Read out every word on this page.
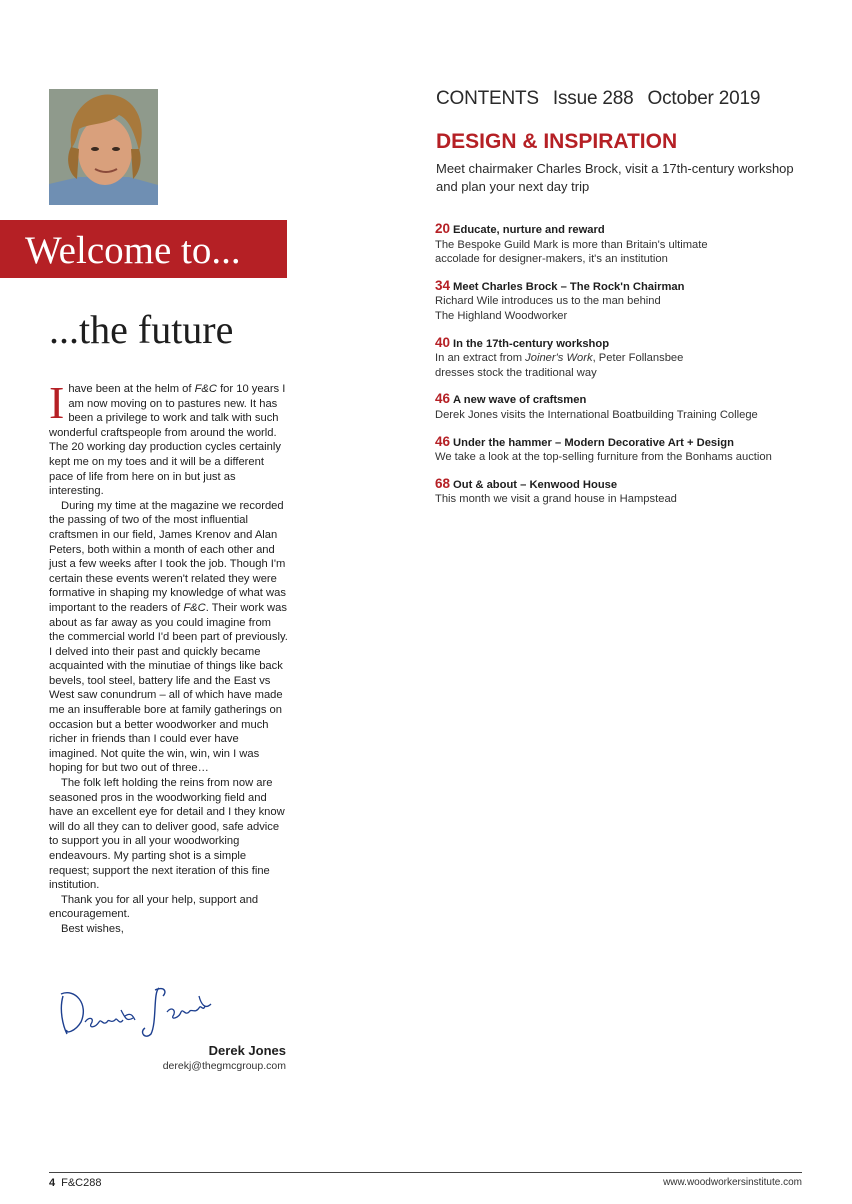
Welcome to...
...the future

Ihave been at the helm of F&C for 10 years I am now moving on to pastures new. It has been a privilege to work and talk with such wonderful craftspeople from around the world. The 20 working day production cycles certainly kept me on my toes and it will be a different pace of life from here on in but just as interesting.

During my time at the magazine we recorded the passing of two of the most influential craftsmen in our field, James Krenov and Alan Peters, both within a month of each other and just a few weeks after I took the job. Though I'm certain these events weren't related they were formative in shaping my knowledge of what was important to the readers of F&C. Their work was about as far away as you could imagine from the commercial world I'd been part of previously. I delved into their past and quickly became acquainted with the minutiae of things like back bevels, tool steel, battery life and the East vs West saw conundrum – all of which have made me an insufferable bore at family gatherings on occasion but a better woodworker and much richer in friends than I could ever have imagined. Not quite the win, win, win I was hoping for but two out of three…

The folk left holding the reins from now are seasoned pros in the woodworking field and have an excellent eye for detail and I they know will do all they can to deliver good, safe advice to support you in all your woodworking endeavours. My parting shot is a simple request; support the next iteration of this fine institution.

Thank you for all your help, support and encouragement.

Best wishes,

Derek Jones
derekj@thegmcgroup.com
CONTENTS Issue 288 October 2019
DESIGN & INSPIRATION
Meet chairmaker Charles Brock, visit a 17th-century workshop and plan your next day trip
20 Educate, nurture and reward
The Bespoke Guild Mark is more than Britain's ultimate
accolade for designer-makers, it's an institution
34 Meet Charles Brock – The Rock'n Chairman
Richard Wile introduces us to the man behind
The Highland Woodworker
40 In the 17th-century workshop
In an extract from Joiner's Work, Peter Follansbee
dresses stock the traditional way
46 A new wave of craftsmen
Derek Jones visits the International Boatbuilding Training College
46 Under the hammer – Modern Decorative Art + Design
We take a look at the top-selling furniture from the Bonhams auction
68 Out & about – Kenwood House
This month we visit a grand house in Hampstead
4 F&C288	www.woodworkersinstitute.com
